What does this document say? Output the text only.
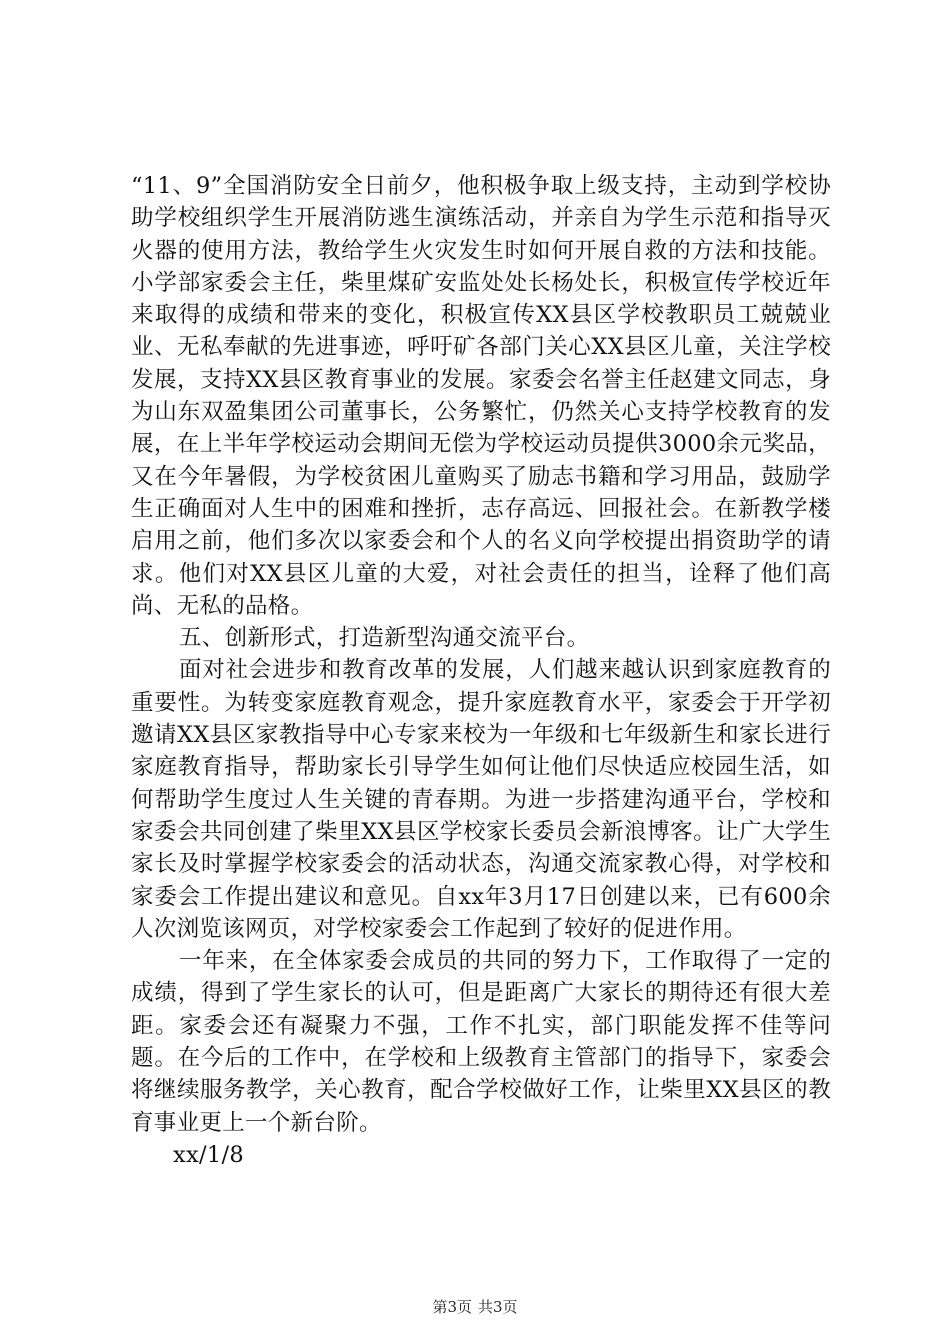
“11、9”全国消防安全日前夕，他积极争取上级支持，主动到学校协助学校组织学生开展消防逃生演练活动，并亲自为学生示范和指导灭火器的使用方法，教给学生火灾发生时如何开展自救的方法和技能。小学部家委会主任，柴里煤矿安监处处长杨处长，积极宣传学校近年来取得的成绩和带来的变化，积极宣传XX县区学校教职员工兢兢业业、无私奉献的先进事迹，呼吁矿各部门关心XX县区儿童，关注学校发展，支持XX县区教育事业的发展。家委会名誉主任赵建文同志，身为山东双盈集团公司董事长，公务繁忙，仍然关心支持学校教育的发展，在上半年学校运动会期间无偿为学校运动员提供3000余元奖品，又在今年暑假，为学校贫困儿童购买了励志书籍和学习用品，鼓励学生正确面对人生中的困难和挫折，志存高远、回报社会。在新教学楼启用之前，他们多次以家委会和个人的名义向学校提出捐资助学的请求。他们对XX县区儿童的大爱，对社会责任的担当，诠释了他们高尚、无私的品格。

五、创新形式，打造新型沟通交流平台。

面对社会进步和教育改革的发展，人们越来越认识到家庭教育的重要性。为转变家庭教育观念，提升家庭教育水平，家委会于开学初邀请XX县区家教指导中心专家来校为一年级和七年级新生和家长进行家庭教育指导，帮助家长引导学生如何让他们尽快适应校园生活，如何帮助学生度过人生关键的青春期。为进一步搭建沟通平台，学校和家委会共同创建了柴里XX县区学校家长委员会新浪博客。让广大学生家长及时掌握学校家委会的活动状态，沟通交流家教心得，对学校和家委会工作提出建议和意见。自xx年3月17日创建以来，已有600余人次浏览该网页，对学校家委会工作起到了较好的促进作用。

一年来，在全体家委会成员的共同的努力下，工作取得了一定的成绩，得到了学生家长的认可，但是距离广大家长的期待还有很大差距。家委会还有凝聚力不强，工作不扎实，部门职能发挥不佳等问题。在今后的工作中，在学校和上级教育主管部门的指导下，家委会将继续服务教学，关心教育，配合学校做好工作，让柴里XX县区的教育事业更上一个新台阶。

xx/1/8

第3页 共3页
